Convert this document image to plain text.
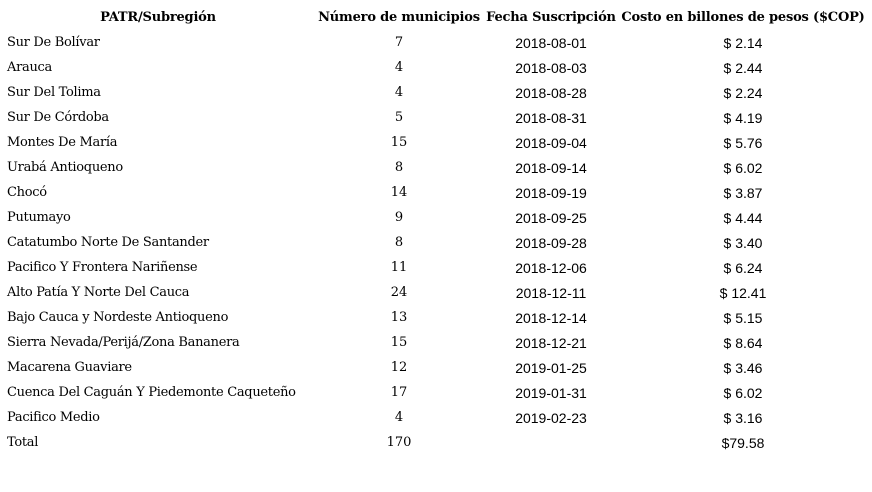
PATR/Subregión	Número de municipios	Fecha Suscripción	Costo en billones de pesos ($COP)
Sur De Bolívar	7	2018-08-01	$ 2.14
Arauca	4	2018-08-03	$ 2.44
Sur Del Tolima	4	2018-08-28	$ 2.24
Sur De Córdoba	5	2018-08-31	$ 4.19
Montes De María	15	2018-09-04	$ 5.76
Urabá Antioqueno	8	2018-09-14	$ 6.02
Chocó	14	2018-09-19	$ 3.87
Putumayo	9	2018-09-25	$ 4.44
Catatumbo Norte De Santander	8	2018-09-28	$ 3.40
Pacifico Y Frontera Nariñense	11	2018-12-06	$ 6.24
Alto Patía Y Norte Del Cauca	24	2018-12-11	$ 12.41
Bajo Cauca y Nordeste Antioqueno	13	2018-12-14	$ 5.15
Sierra Nevada/Perijá/Zona Bananera	15	2018-12-21	$ 8.64
Macarena Guaviare	12	2019-01-25	$ 3.46
Cuenca Del Caguán Y Piedemonte Caqueteño	17	2019-01-31	$ 6.02
Pacifico Medio	4	2019-02-23	$ 3.16
Total	170		$79.58
